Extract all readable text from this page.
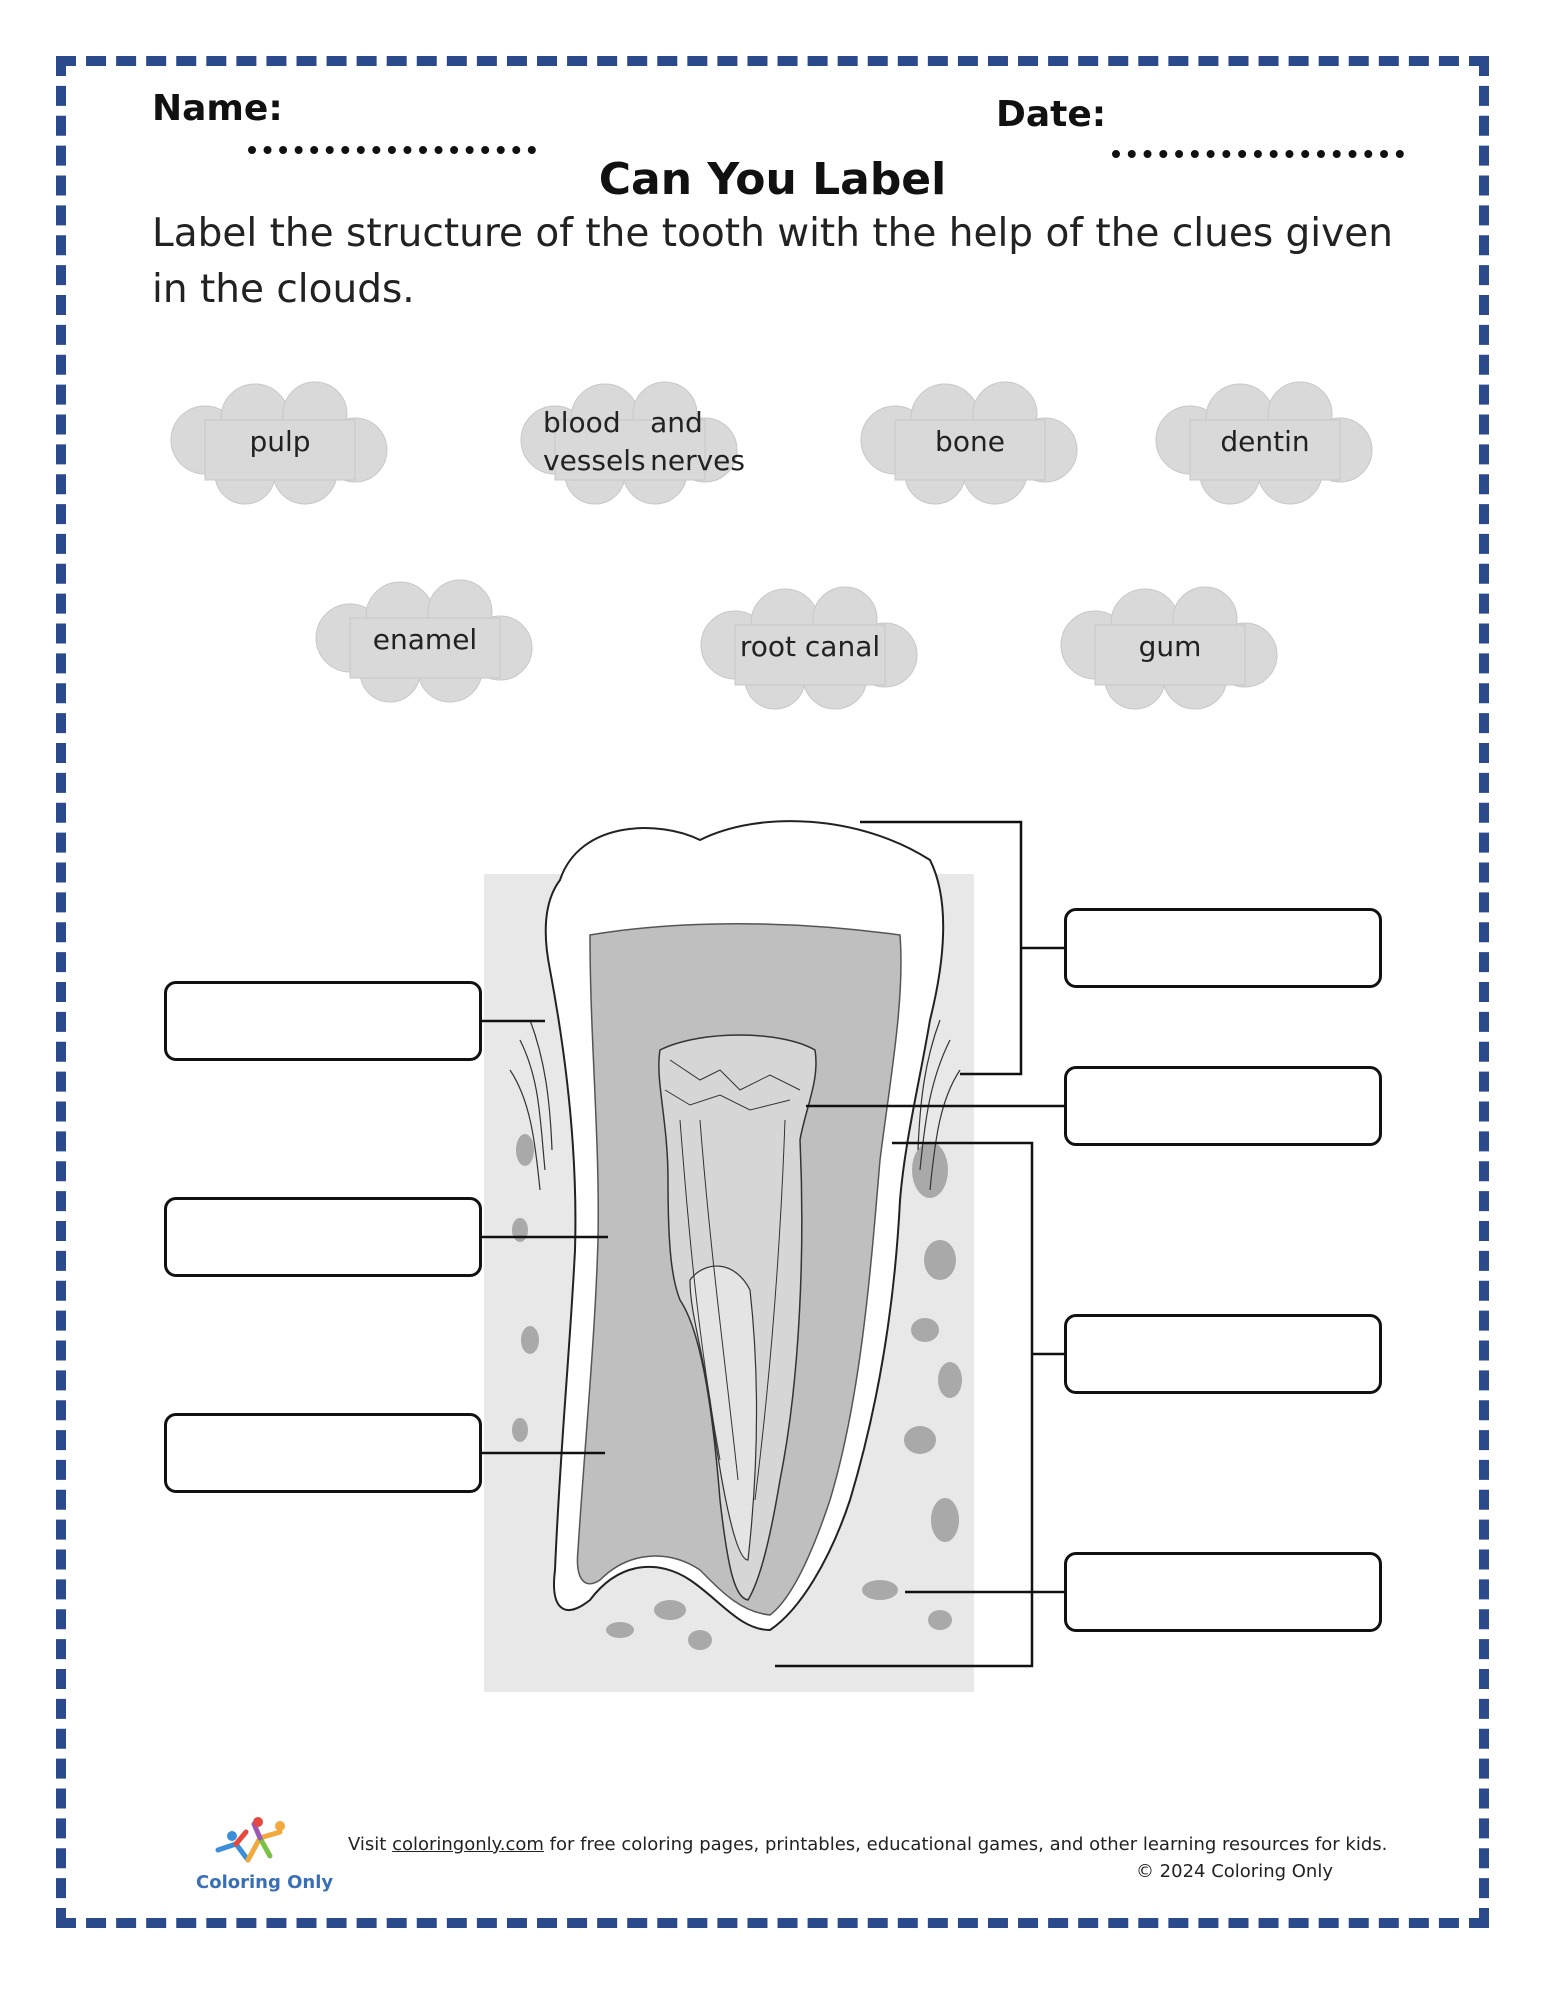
Name:	Date:
Can You Label
Label the structure of the tooth with the help of the clues given in the clouds.
pulp
blood vessels

and nerves
bone	dentin
enamel	root canal	gum
Coloring Only
Visit coloringonly.com for free coloring pages, printables, educational games, and other learning resources for kids.
© 2024 Coloring Only
